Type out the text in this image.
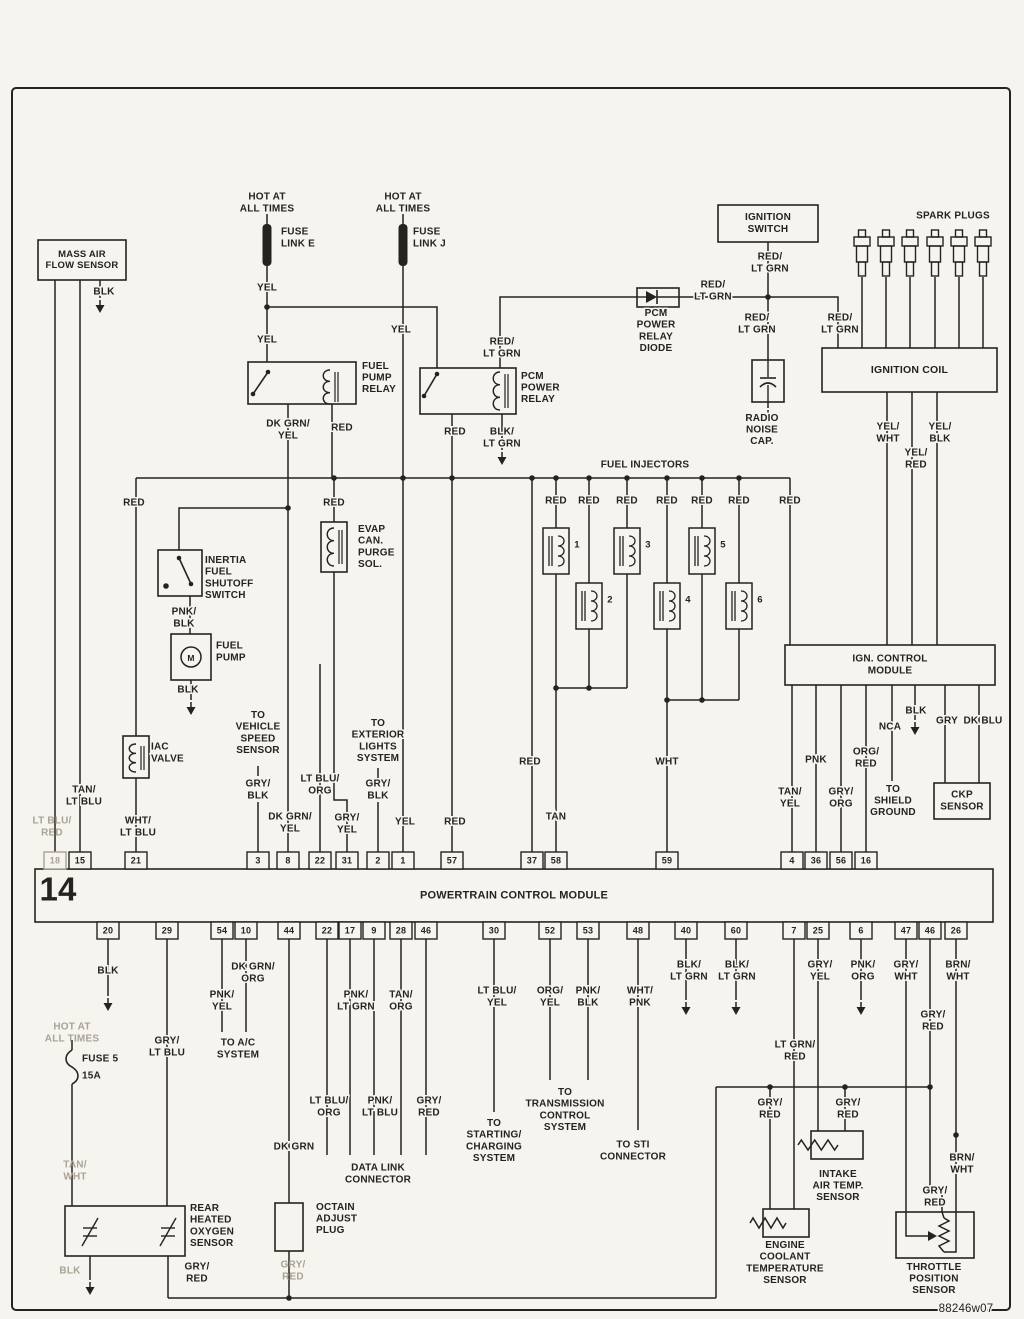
MASS AIR
FLOW SENSOR
IGNITION
SWITCH
IGNITION COIL
IGN. CONTROL
MODULE
CKP
SENSOR
POWERTRAIN CONTROL MODULE
1
2
3
4
5
6
18 15	21	3	8	22 31	2 1	57	37 58	59	4 36 56 16
20	29	54 10	44	22 17 9 28 46	30	52	53	48	40	60	7 25	6	47 46 26
HOT AT
ALL TIMES
HOT AT
ALL TIMES
FUSE
LINK E
FUSE
LINK J
YEL
YEL
YEL
FUEL
PUMP
RELAY
PCM
POWER
RELAY
DK GRN/
YEL
RED	RED
RED/
LT GRN
BLK/
LT GRN
RED/
LT GRN
RED/
LT GRN
PCM
POWER
RELAY
DIODE
RED/
LT GRN
RED/
LT GRN
SPARK PLUGS
RADIO
NOISE
CAP.
YEL/
WHT
YEL/
RED
YEL/
BLK
FUEL INJECTORS
RED RED RED RED RED RED	RED
RED	RED
EVAP
CAN.
PURGE
SOL.
INERTIA
FUEL
SHUTOFF
SWITCH
PNK/
BLK
FUEL
PUMP
BLK
IAC
VALVE
TAN/
LT BLU
LT BLU/
RED
WHT/
LT BLU
TO
VEHICLE
SPEED
SENSOR
GRY/
BLK
DK GRN/
YEL
LT BLU/
ORG
GRY/
YEL
TO
EXTERIOR
LIGHTS
SYSTEM
GRY/
BLK
YEL	RED
RED
TAN
WHT
TAN/
YEL
PNK
GRY/
ORG
ORG/
RED
NCA
BLK
TO
SHIELD
GROUND
GRY DK BLU
BLK
BLK
HOT AT
ALL TIMES
FUSE 5
15A
GRY/
LT BLU
PNK/
YEL
DK GRN/
ORG
TO A/C
SYSTEM
DK GRN
LT BLU/
ORG
PNK/
LT GRN
PNK/
LT BLU
TAN/
ORG
GRY/
RED
DATA LINK
CONNECTOR
OCTAIN
ADJUST
PLUG
GRY/
RED
LT BLU/
YEL
TO
STARTING/
CHARGING
SYSTEM
ORG/
YEL
PNK/
BLK
TO
TRANSMISSION
CONTROL
SYSTEM
WHT/
PNK
TO STI
CONNECTOR
BLK/
LT GRN
BLK/
LT GRN
LT GRN/
RED
GRY/
YEL
PNK/
ORG
GRY/
RED
GRY/
RED
INTAKE
AIR TEMP.
SENSOR
ENGINE
COOLANT
TEMPERATURE
SENSOR
GRY/
WHT
GRY/
RED
BRN/
WHT
BRN/
WHT
GRY/
RED
THROTTLE
POSITION
SENSOR
TAN/
WHT
REAR
HEATED
OXYGEN
SENSOR
BLK	GRY/
RED
88246w07
14
M
